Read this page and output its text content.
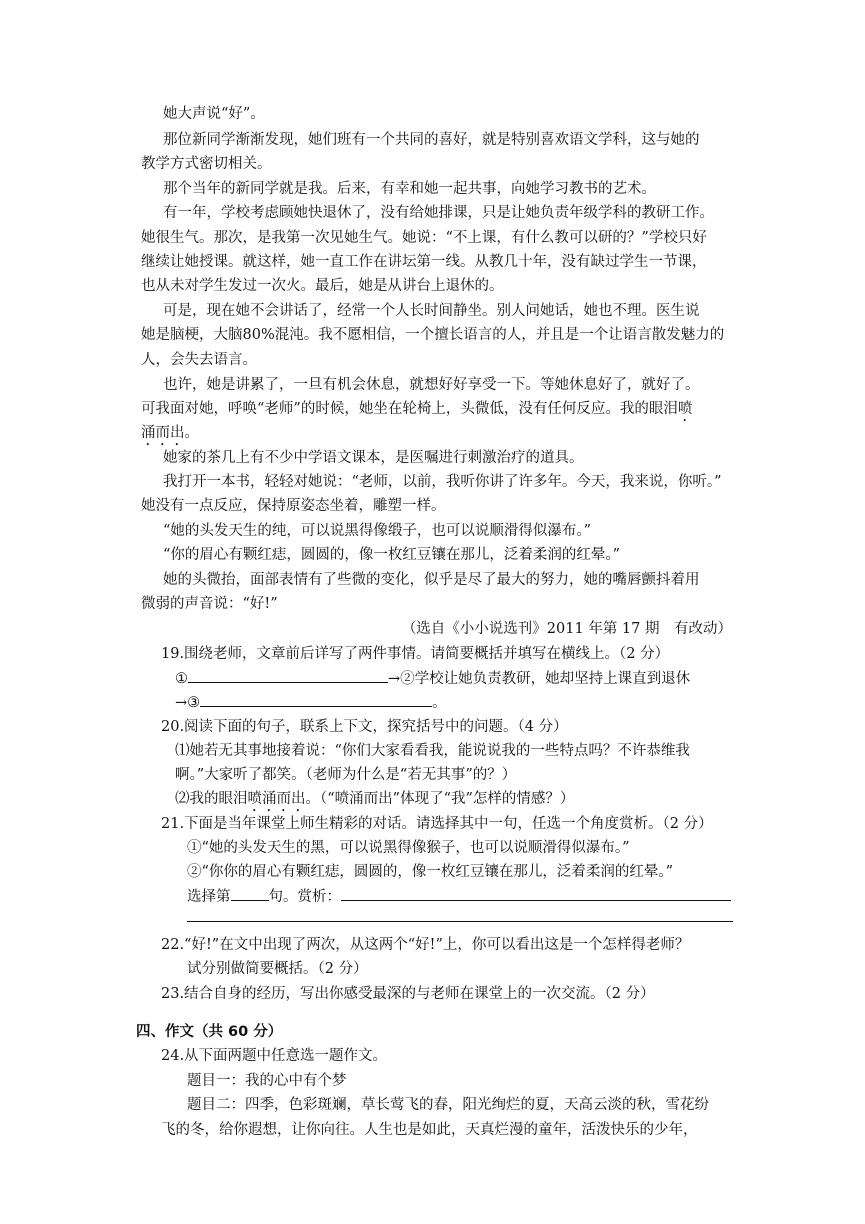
她大声说“好”。
那位新同学渐渐发现，她们班有一个共同的喜好，就是特别喜欢语文学科，这与她的
教学方式密切相关。
那个当年的新同学就是我。后来，有幸和她一起共事，向她学习教书的艺术。
有一年，学校考虑顾她快退休了，没有给她排课，只是让她负责年级学科的教研工作。
她很生气。那次，是我第一次见她生气。她说：“不上课，有什么教可以研的？”学校只好
继续让她授课。就这样，她一直工作在讲坛第一线。从教几十年，没有缺过学生一节课，
也从未对学生发过一次火。最后，她是从讲台上退休的。
可是，现在她不会讲话了，经常一个人长时间静坐。别人问她话，她也不理。医生说
她是脑梗，大脑80%混沌。我不愿相信，一个擅长语言的人，并且是一个让语言散发魅力的
人，会失去语言。
也许，她是讲累了，一旦有机会休息，就想好好享受一下。等她休息好了，就好了。
可我面对她，呼唤“老师”的时候，她坐在轮椅上，头微低，没有任何反应。我的眼泪喷
涌而出。
她家的茶几上有不少中学语文课本，是医嘱进行刺激治疗的道具。
我打开一本书，轻轻对她说：“老师，以前，我听你讲了许多年。今天，我来说，你听。”
她没有一点反应，保持原姿态坐着，雕塑一样。
“她的头发天生的纯，可以说黑得像缎子，也可以说顺滑得似瀑布。”
“你的眉心有颗红痣，圆圆的，像一枚红豆镶在那儿，泛着柔润的红晕。”
她的头微抬，面部表情有了些微的变化，似乎是尽了最大的努力，她的嘴唇颤抖着用
微弱的声音说：“好!”
（选自《小小说选刊》2011 年第 17 期　有改动）
19.围绕老师，文章前后详写了两件事情。请简要概括并填写在横线上。（2 分）
①	→②学校让她负责教研，她却坚持上课直到退休
→③	。
20.阅读下面的句子，联系上下文，探究括号中的问题。（4 分）
⑴她若无其事地接着说：“你们大家看看我，能说说我的一些特点吗？不许恭维我
啊。”大家听了都笑。（老师为什么是“若无其事”的？）
⑵我的眼泪喷涌而出。（“喷涌而出”体现了“我”怎样的情感？）
21.下面是当年课堂上师生精彩的对话。请选择其中一句，任选一个角度赏析。（2 分）
①“她的头发天生的黑，可以说黑得像猴子，也可以说顺滑得似瀑布。”
②“你你的眉心有颗红痣，圆圆的，像一枚红豆镶在那儿，泛着柔润的红晕。”
选择第	句。赏析：
22.“好!”在文中出现了两次，从这两个“好!”上，你可以看出这是一个怎样得老师？
试分别做简要概括。（2 分）
23.结合自身的经历，写出你感受最深的与老师在课堂上的一次交流。（2 分）
四、作文（共 60 分）
24.从下面两题中任意选一题作文。
题目一：我的心中有个梦
题目二：四季，色彩斑斓，草长莺飞的春，阳光绚烂的夏，天高云淡的秋，雪花纷
飞的冬，给你遐想，让你向往。人生也是如此，天真烂漫的童年，活泼快乐的少年，
